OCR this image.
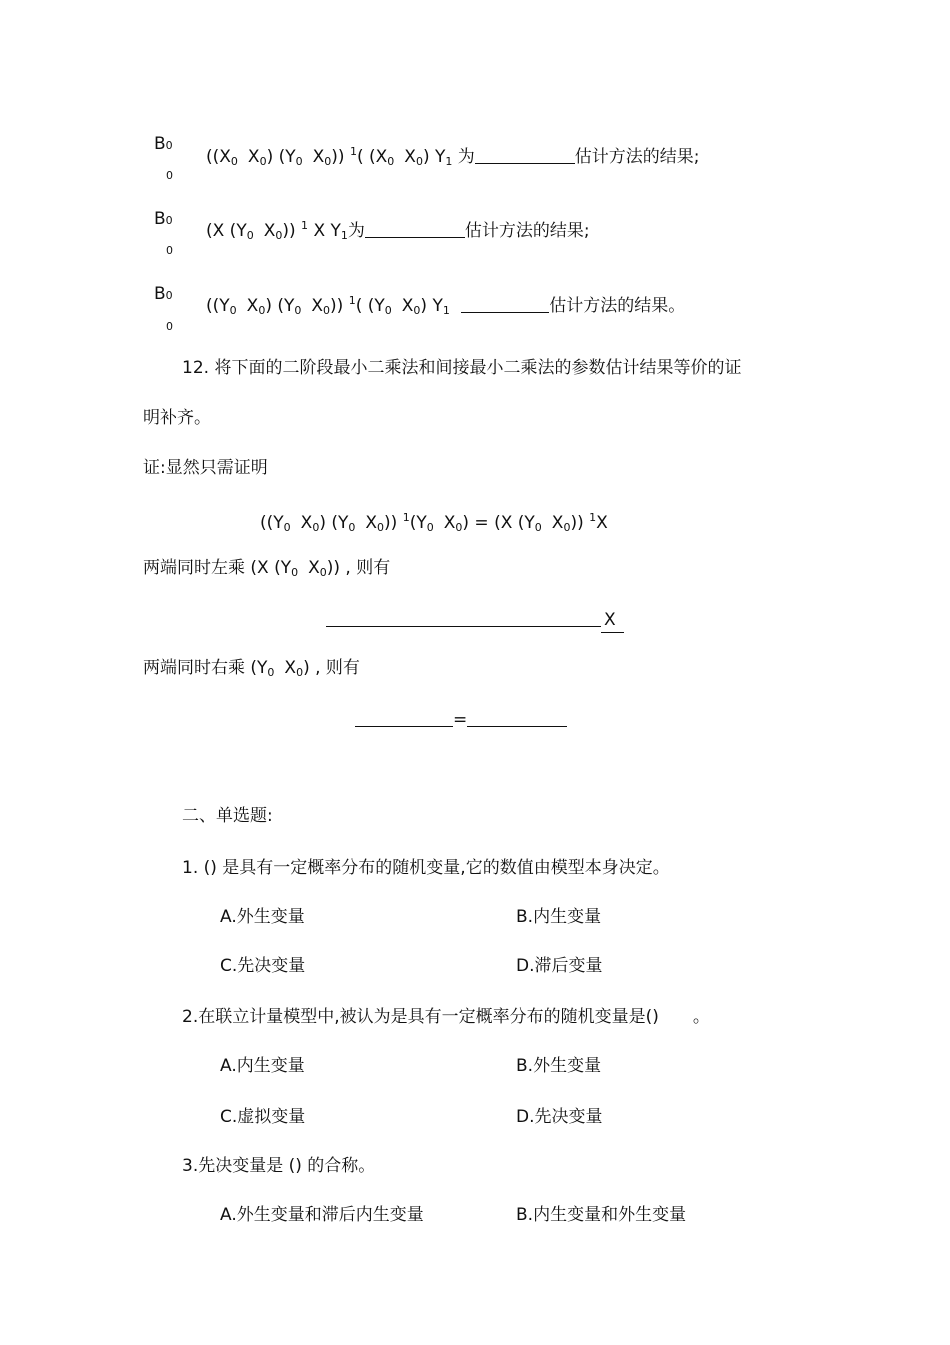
B0
0
(($X_0$ $X_0$) ($Y_0$ $X_0$)) $^1$( ($X_0$ $X_0$) $Y_1$ 为	估计方法的结果;
B0
0
(X ($Y_0$ $X_0$)) $^1$ X $Y_1$为	估计方法的结果;
B0
0
(($Y_0$ $X_0$) ($Y_0$ $X_0$)) $^1$( ($Y_0$ $X_0$) $Y_1$	估计方法的结果。
12. 将下面的二阶段最小二乘法和间接最小二乘法的参数估计结果等价的证
明补齐。
证:显然只需证明
(($Y_0$ $X_0$) ($Y_0$ $X_0$)) $^1(Y_0$ $X_0) = (X$ ($Y_0$ $X_0$)) $^1$X
两端同时左乘 (X ($Y_0$ $X_0$)) , 则有
X
两端同时右乘 ($Y_0$ $X_0$) , 则有
=
二、单选题:
1. () 是具有一定概率分布的随机变量,它的数值由模型本身决定。
A.外生变量	B.内生变量
C.先决变量	D.滞后变量
2.在联立计量模型中,被认为是具有一定概率分布的随机变量是() 。
A.内生变量	B.外生变量
C.虚拟变量	D.先决变量
3.先决变量是 () 的合称。
A.外生变量和滞后内生变量	B.内生变量和外生变量
